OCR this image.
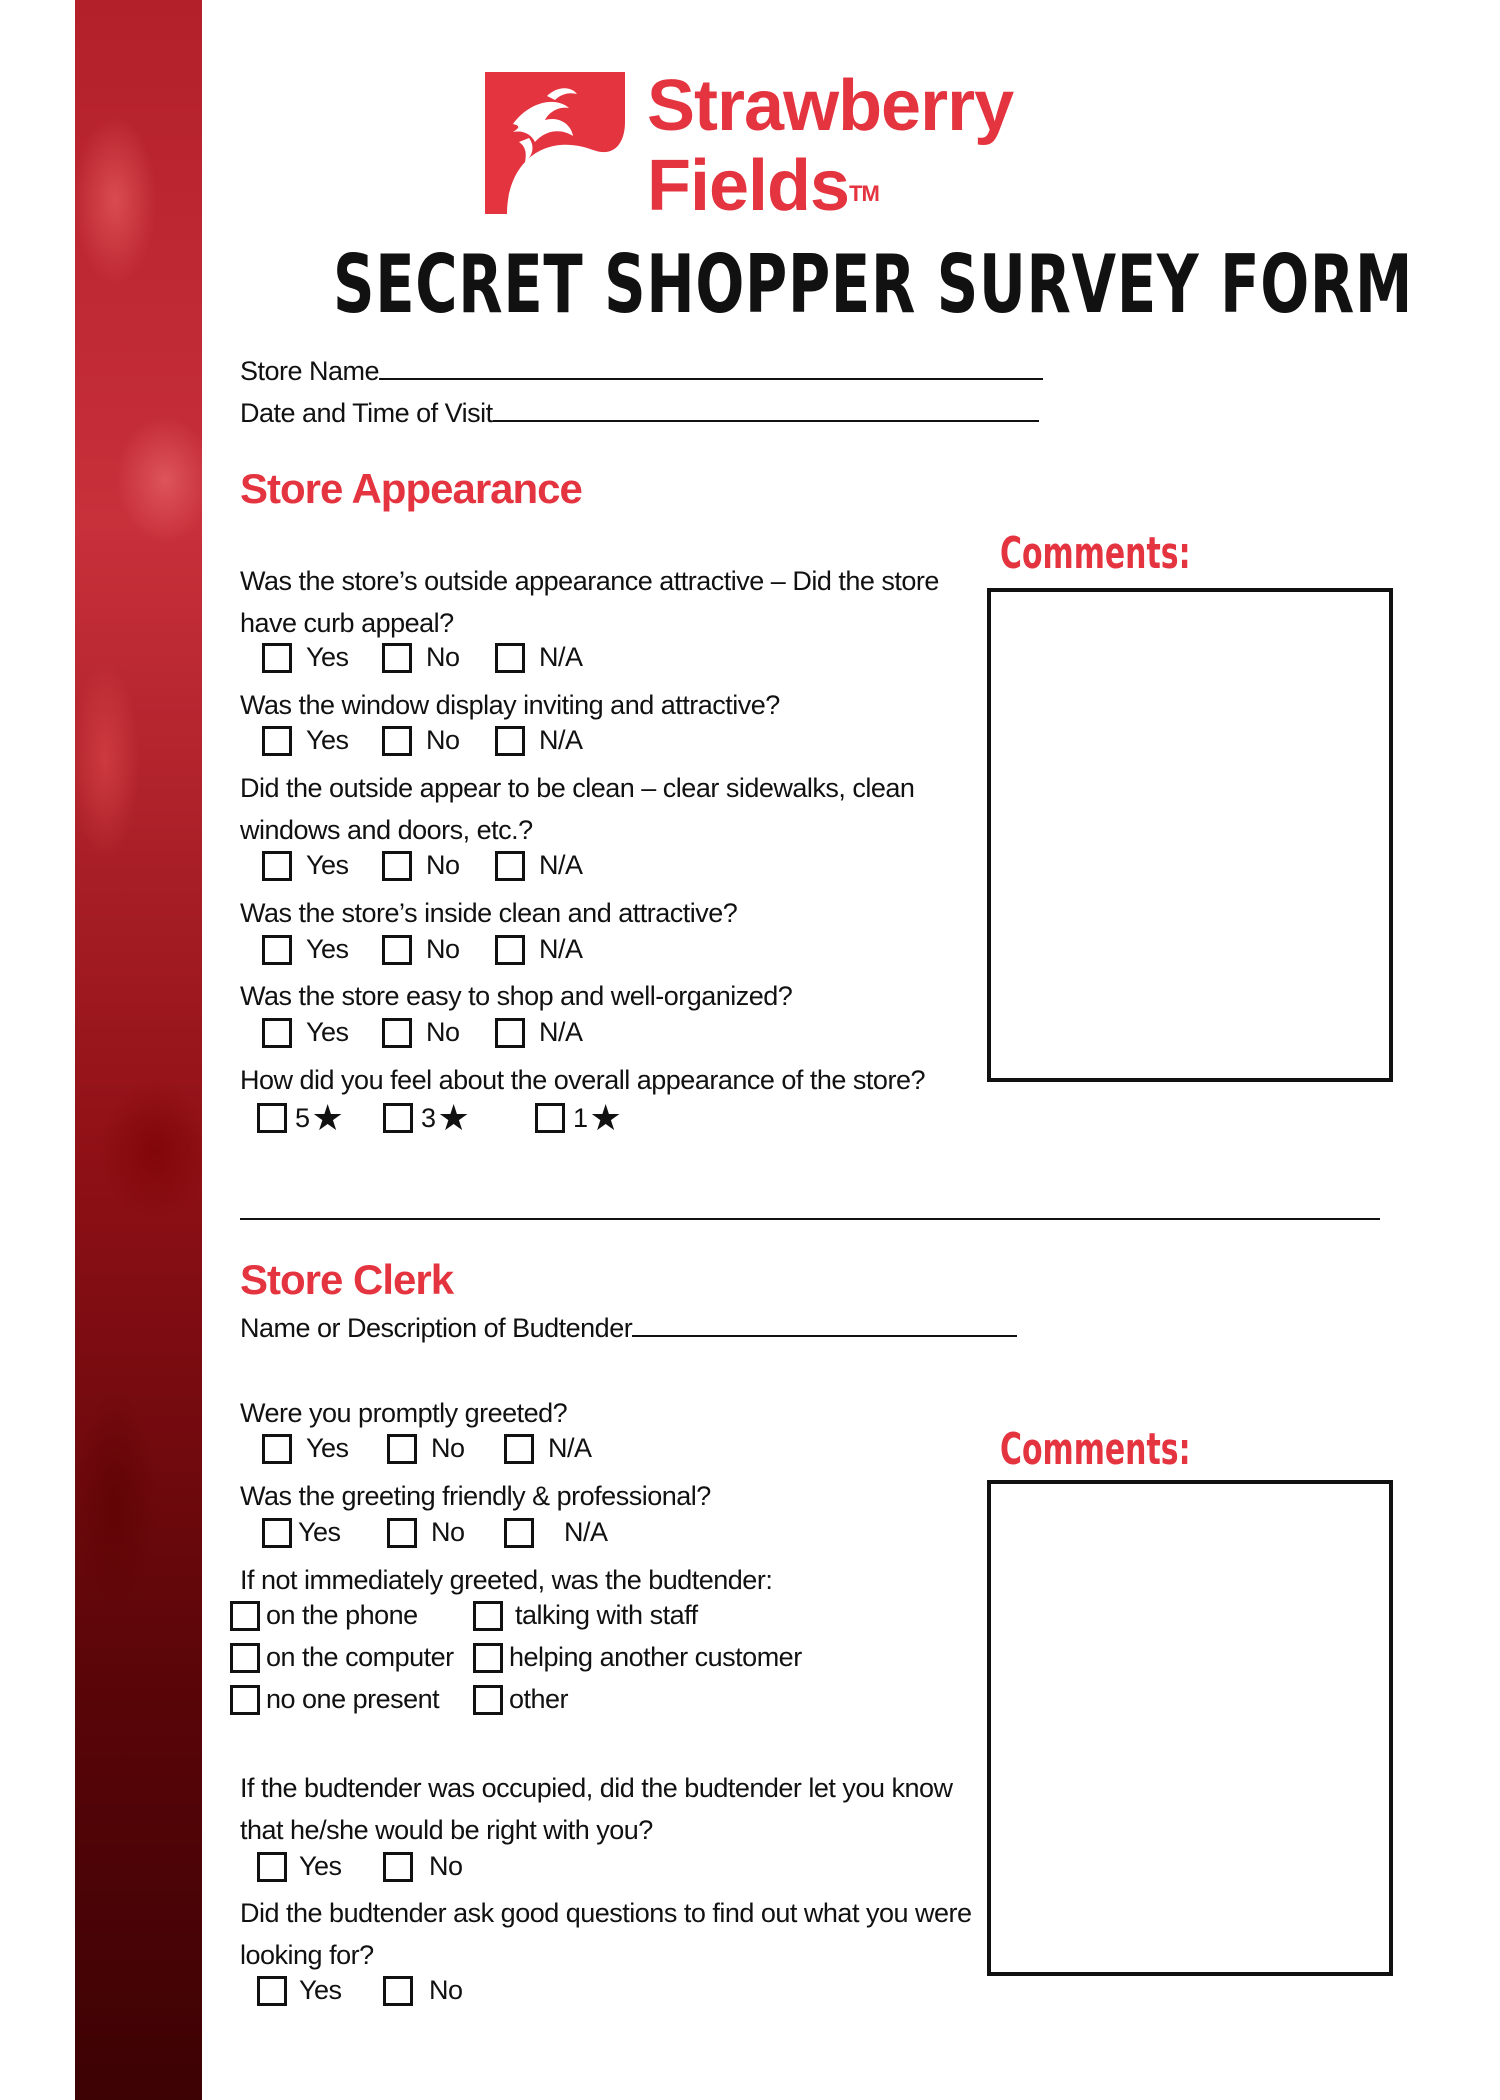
Strawberry
Fields™
SECRET SHOPPER SURVEY FORM
Store Name
Date and Time of Visit
Store Appearance
Comments:
Was the store’s outside appearance attractive – Did the store have curb appeal?
Yes	No	N/A
Was the window display inviting and attractive?
Yes	No	N/A
Did the outside appear to be clean – clear sidewalks, clean windows and doors, etc.?
Yes	No	N/A
Was the store’s inside clean and attractive?
Yes	No	N/A
Was the store easy to shop and well-organized?
Yes	No	N/A
How did you feel about the overall appearance of the store?
5 ★	3 ★	1 ★
Store Clerk
Name or Description of Budtender
Comments:
Were you promptly greeted?
Yes	No	N/A
Was the greeting friendly & professional?
Yes	No	N/A
If not immediately greeted, was the budtender:
on the phone	talking with staff
on the computer helping another customer
no one present	other
If the budtender was occupied, did the budtender let you know that he/she would be right with you?
Yes	No
Did the budtender ask good questions to find out what you were looking for?
Yes	No
